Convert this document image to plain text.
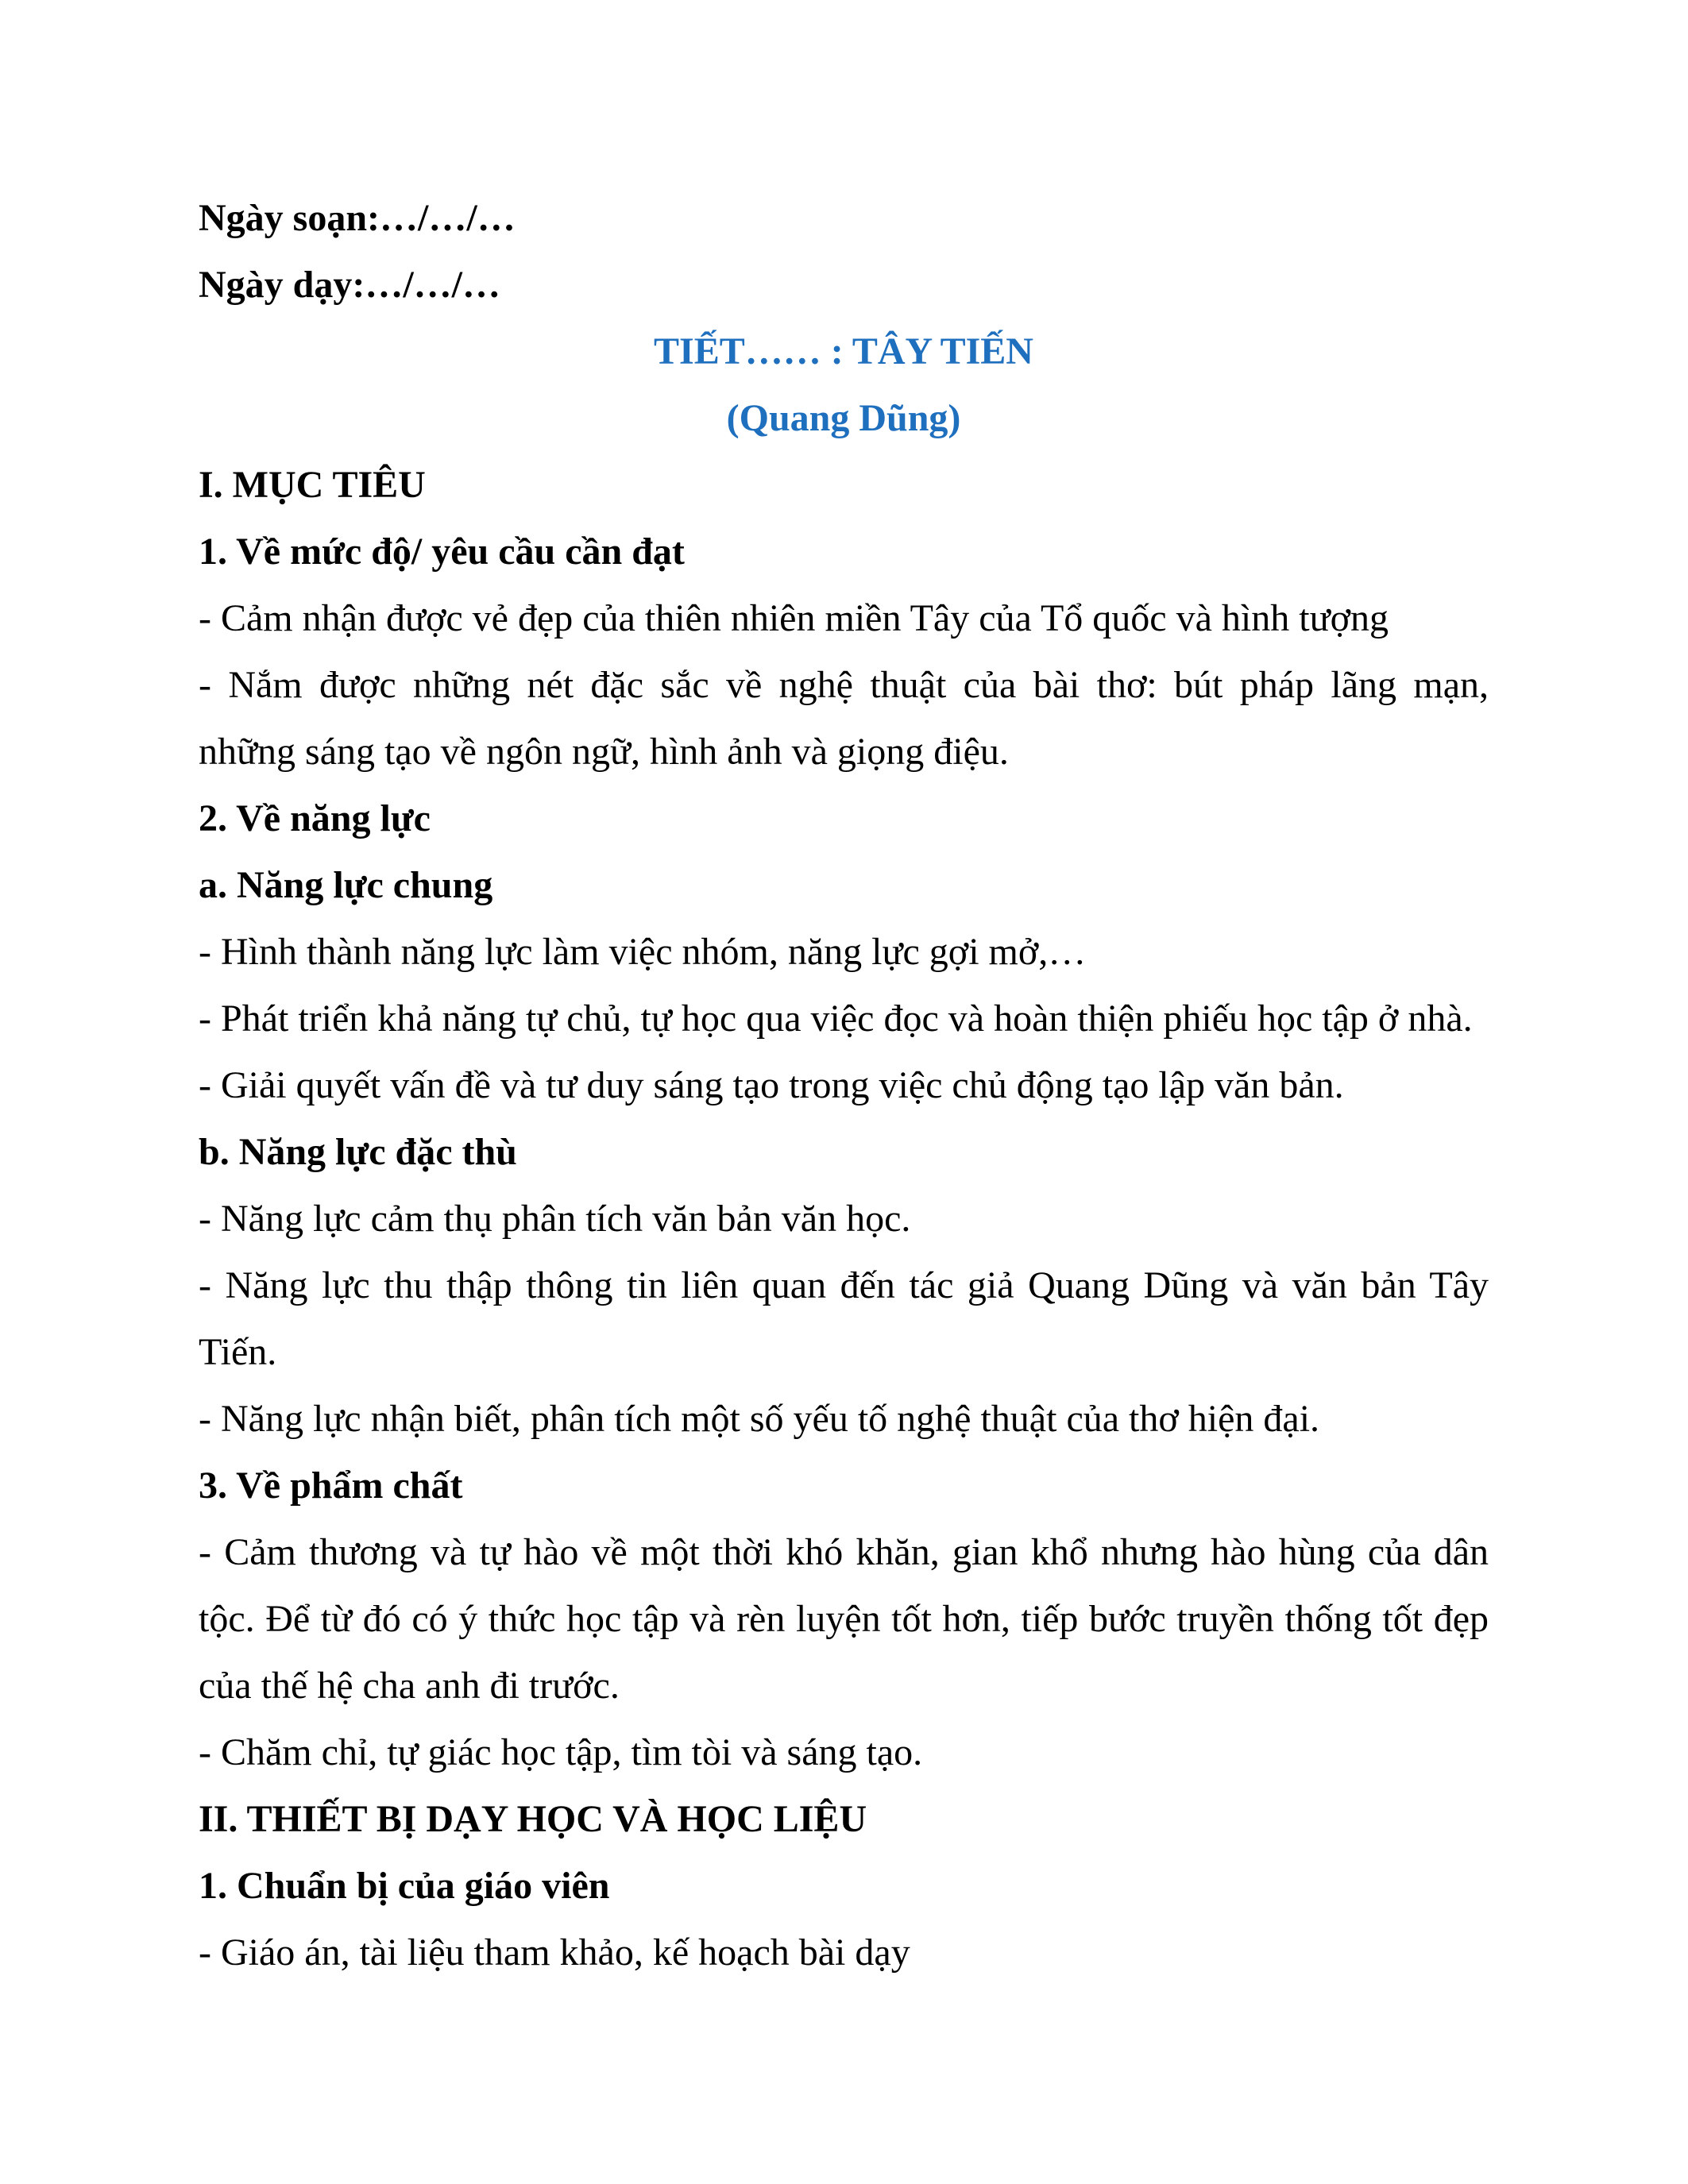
Ngày soạn:…/…/…
Ngày dạy:…/…/…
TIẾT…… : TÂY TIẾN
(Quang Dũng)
I. MỤC TIÊU
1. Về mức độ/ yêu cầu cần đạt
- Cảm nhận được vẻ đẹp của thiên nhiên miền Tây của Tổ quốc và hình tượng
- Nắm được những nét đặc sắc về nghệ thuật của bài thơ: bút pháp lãng mạn,
những sáng tạo về ngôn ngữ, hình ảnh và giọng điệu.
2. Về năng lực
a. Năng lực chung
- Hình thành năng lực làm việc nhóm, năng lực gợi mở,…
- Phát triển khả năng tự chủ, tự học qua việc đọc và hoàn thiện phiếu học tập ở nhà.
- Giải quyết vấn đề và tư duy sáng tạo trong việc chủ động tạo lập văn bản.
b. Năng lực đặc thù
- Năng lực cảm thụ phân tích văn bản văn học.
- Năng lực thu thập thông tin liên quan đến tác giả Quang Dũng và văn bản Tây
Tiến.
- Năng lực nhận biết, phân tích một số yếu tố nghệ thuật của thơ hiện đại.
3. Về phẩm chất
- Cảm thương và tự hào về một thời khó khăn, gian khổ nhưng hào hùng của dân
tộc. Để từ đó có ý thức học tập và rèn luyện tốt hơn, tiếp bước truyền thống tốt đẹp
của thế hệ cha anh đi trước.
- Chăm chỉ, tự giác học tập, tìm tòi và sáng tạo.
II. THIẾT BỊ DẠY HỌC VÀ HỌC LIỆU
1. Chuẩn bị của giáo viên
- Giáo án, tài liệu tham khảo, kế hoạch bài dạy
